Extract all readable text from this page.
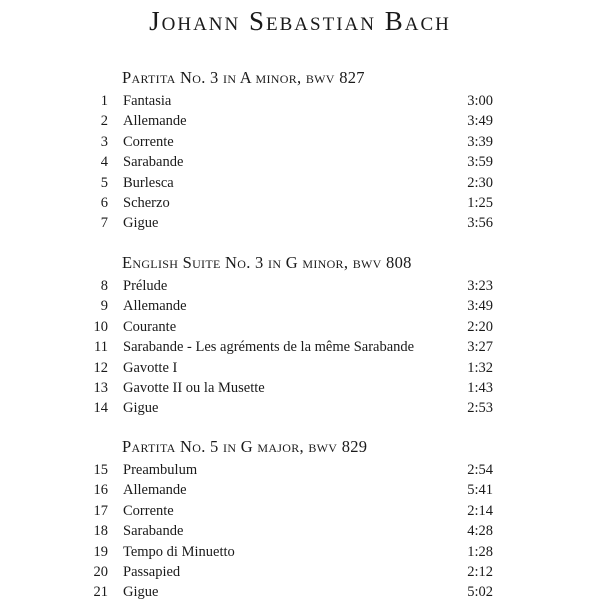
Johann Sebastian Bach
Partita No. 3 in A minor, bwv 827
1 Fantasia	3:00
2 Allemande	3:49
3 Corrente	3:39
4 Sarabande	3:59
5 Burlesca	2:30
6 Scherzo	1:25
7 Gigue	3:56
English Suite No. 3 in G minor, bwv 808
8 Prélude	3:23
9 Allemande	3:49
10 Courante	2:20
11 Sarabande - Les agréments de la même Sarabande	3:27
12 Gavotte I	1:32
13 Gavotte II ou la Musette	1:43
14 Gigue	2:53
Partita No. 5 in G major, bwv 829
15 Preambulum	2:54
16 Allemande	5:41
17 Corrente	2:14
18 Sarabande	4:28
19 Tempo di Minuetto	1:28
20 Passapied	2:12
21 Gigue	5:02
